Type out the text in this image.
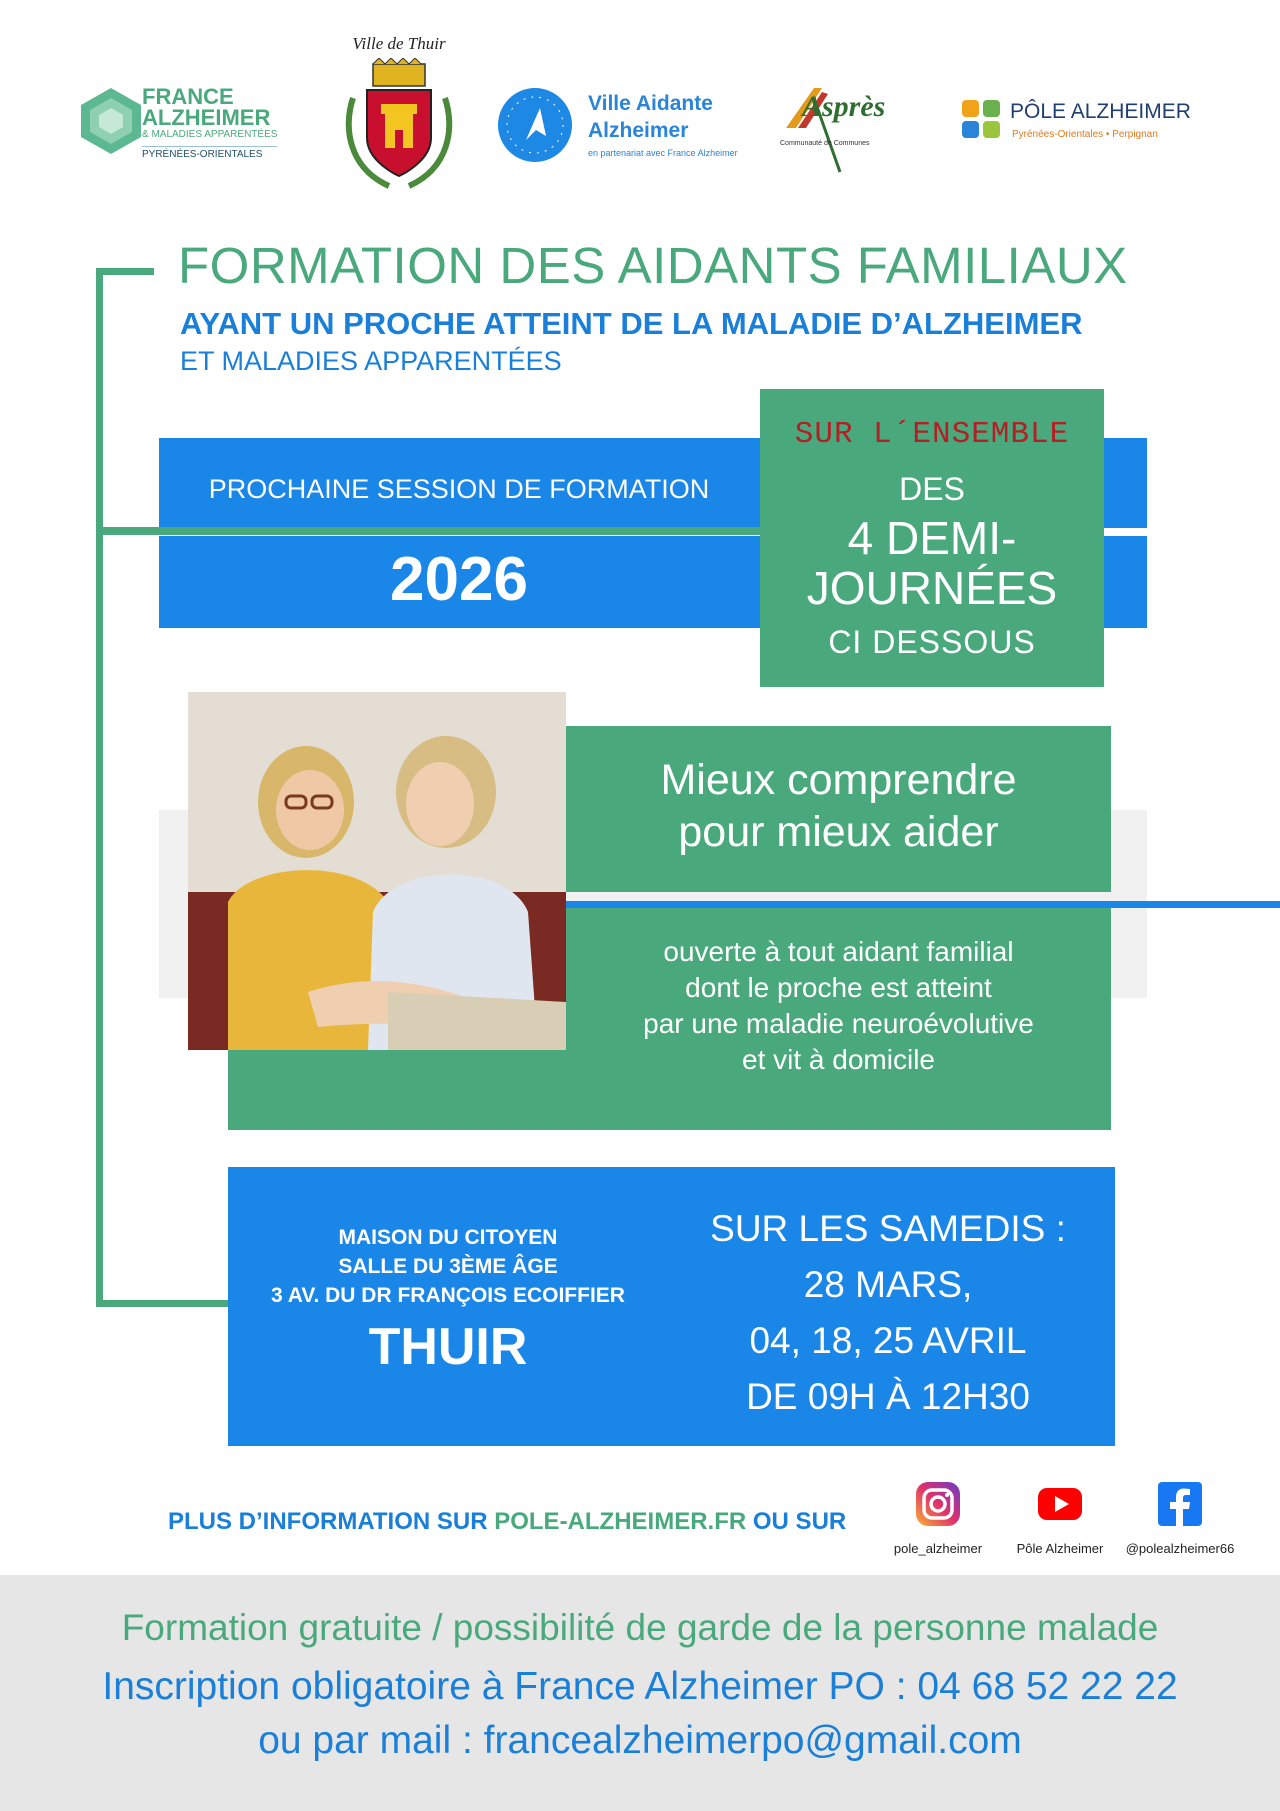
FRANCE
ALZHEIMER
& MALADIES APPARENTÉES
PYRÉNÉES-ORIENTALES
Ville de Thuir
Ville Aidante
Alzheimer
en partenariat avec France Alzheimer
Asprès
Communauté de Communes
PÔLE ALZHEIMER
Pyrénées-Orientales • Perpignan
FORMATION DES AIDANTS FAMILIAUX
AYANT UN PROCHE ATTEINT DE LA MALADIE D’ALZHEIMER
ET MALADIES APPARENTÉES
PROCHAINE SESSION DE FORMATION
2026
SUR L´ENSEMBLE
DES
4 DEMI-
JOURNÉES
CI DESSOUS
ouverte à tout aidant familial
dont le proche est atteint
par une maladie neuroévolutive
et vit à domicile
Mieux comprendre
pour mieux aider
MAISON DU CITOYEN
SALLE DU 3ÈME ÂGE
3 AV. DU DR FRANÇOIS ECOIFFIER
THUIR
SUR LES SAMEDIS :
28 MARS,
04, 18, 25 AVRIL
DE 09H À 12H30
PLUS D’INFORMATION SUR POLE-ALZHEIMER.FR OU SUR
pole_alzheimer	Pôle Alzheimer	@polealzheimer66
Formation gratuite / possibilité de garde de la personne malade
Inscription obligatoire à France Alzheimer PO : 04 68 52 22 22
ou par mail : francealzheimerpo@gmail.com
